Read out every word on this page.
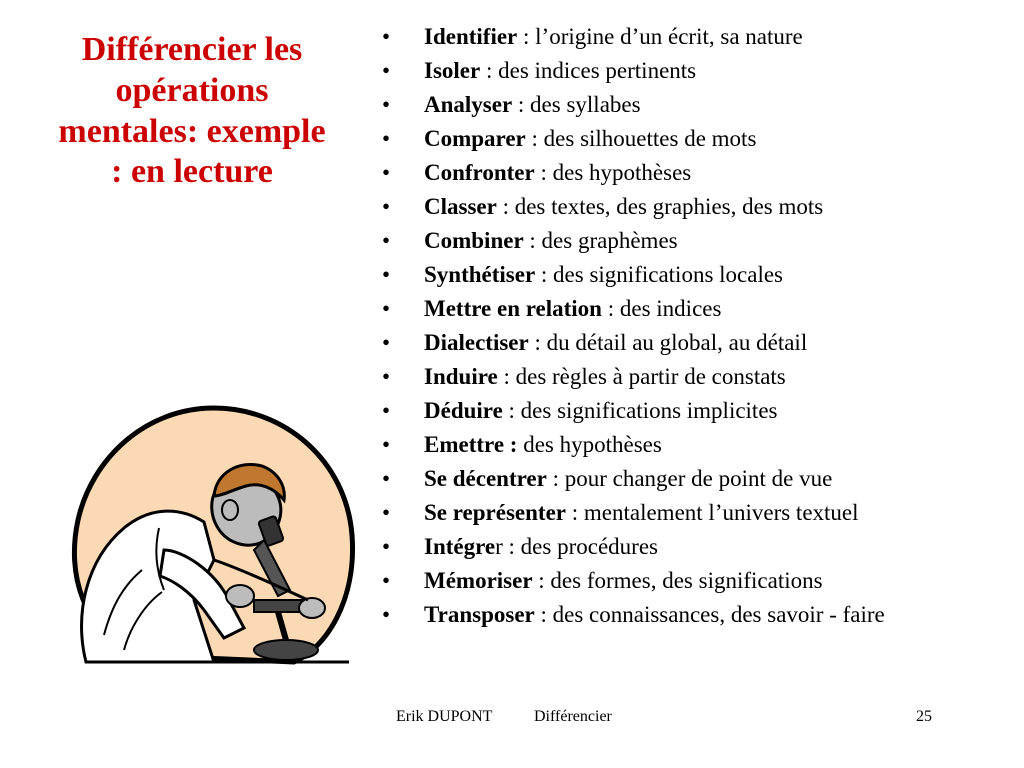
Différencier les opérations mentales: exemple : en lecture
• Identifier : l’origine d’un écrit, sa nature
• Isoler : des indices pertinents
• Analyser : des syllabes
• Comparer : des silhouettes de mots
• Confronter : des hypothèses
• Classer : des textes, des graphies, des mots
• Combiner : des graphèmes
• Synthétiser : des significations locales
• Mettre en relation : des indices
• Dialectiser : du détail au global, au détail
• Induire : des règles à partir de constats
• Déduire : des significations implicites
• Emettre : des hypothèses
• Se décentrer : pour changer de point de vue
• Se représenter : mentalement l’univers textuel
• Intégrer : des procédures
• Mémoriser : des formes, des significations
• Transposer : des connaissances, des savoir - faire
Erik DUPONT	Différencier	25
